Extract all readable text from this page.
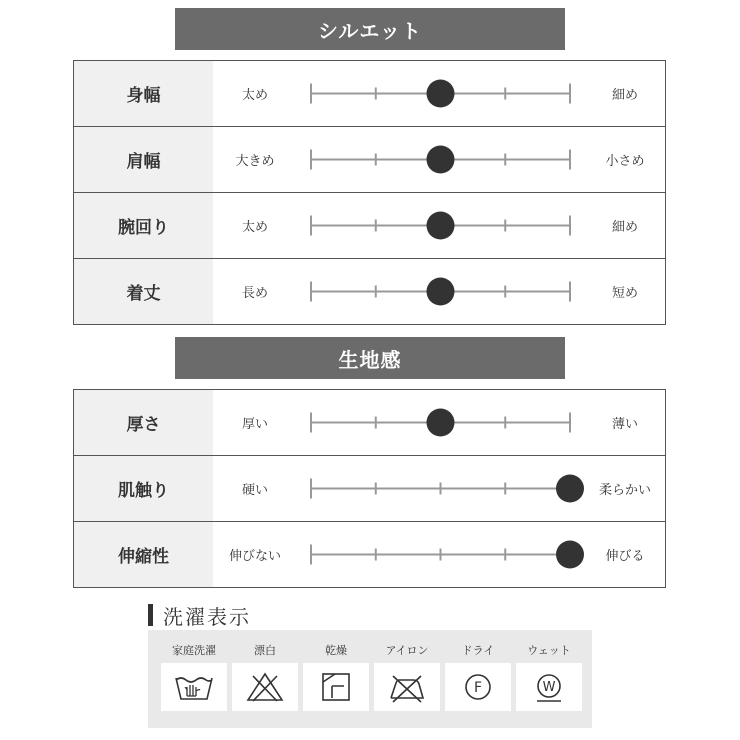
シルエット
身幅	太め	細め
肩幅	大きめ	小さめ
腕回り	太め	細め
着丈	長め	短め
生地感
厚さ	厚い	薄い
肌触り	硬い	柔らかい
伸縮性	伸びない	伸びる
洗濯表示
家庭洗濯	漂白	乾燥	アイロン	ドライ
F
ウェット
W
